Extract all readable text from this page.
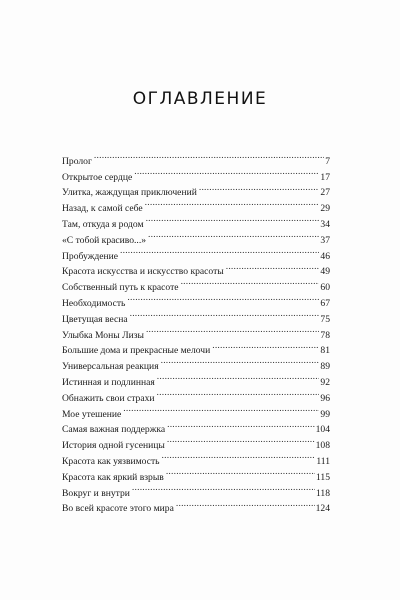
ОГЛАВЛЕНИЕ
Пролог .....	7
Открытое сердце .....	17
Улитка, жаждущая приключений .....	27
Назад, к самой себе .....	29
Там, откуда я родом .....	34
«С тобой красиво...» .....	37
Пробуждение .....	46
Красота искусства и искусство красоты .....	49
Собственный путь к красоте .....	60
Необходимость .....	67
Цветущая весна .....	75
Улыбка Моны Лизы .....	78
Большие дома и прекрасные мелочи .....	81
Универсальная реакция .....	89
Истинная и подлинная .....	92
Обнажить свои страхи .....	96
Мое утешение .....	99
Самая важная поддержка .....	104
История одной гусеницы .....	108
Красота как уязвимость .....	111
Красота как яркий взрыв .....	115
Вокруг и внутри .....	118
Во всей красоте этого мира .....	124
